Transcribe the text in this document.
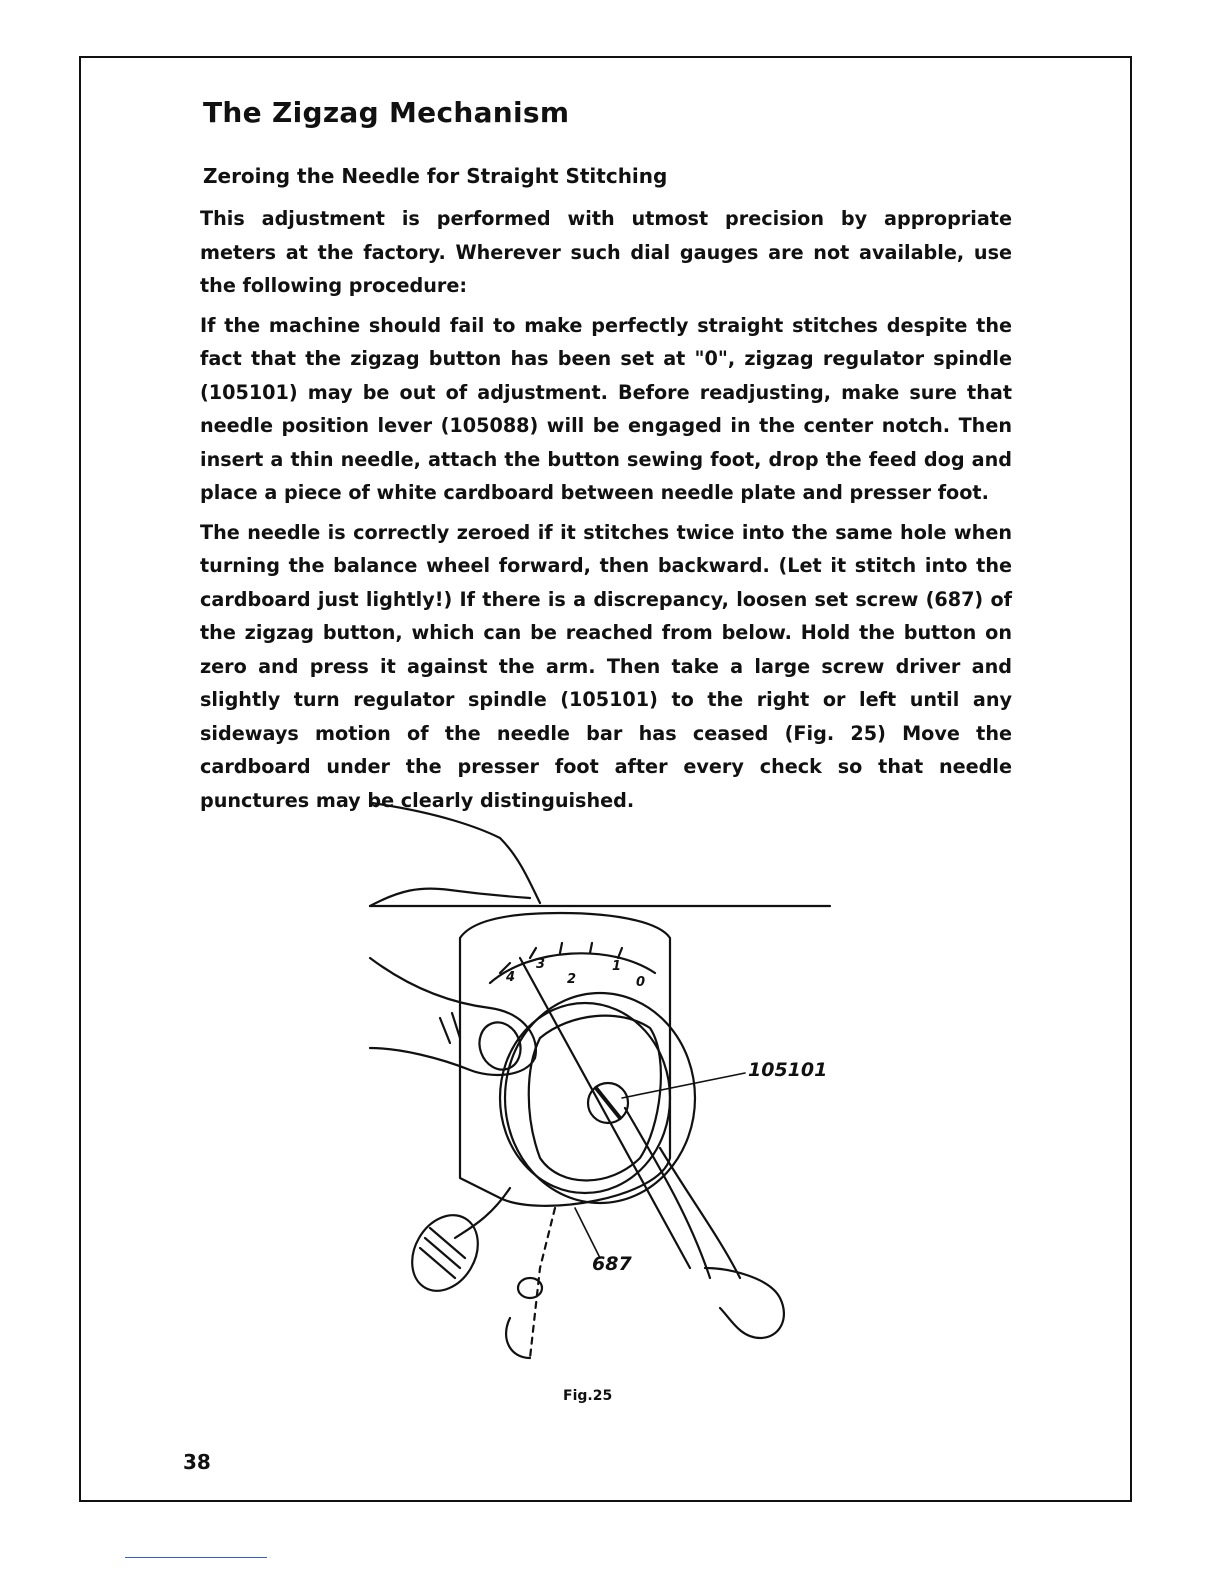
The Zigzag Mechanism
Zeroing the Needle for Straight Stitching

This adjustment is performed with utmost precision by appropriate meters at the factory. Wherever such dial gauges are not available, use the following procedure:

If the machine should fail to make perfectly straight stitches despite the fact that the zigzag button has been set at "0", zigzag regulator spindle (105101) may be out of adjustment. Before readjusting, make sure that needle position lever (105088) will be engaged in the center notch. Then insert a thin needle, attach the button sewing foot, drop the feed dog and place a piece of white cardboard between needle plate and presser foot.

The needle is correctly zeroed if it stitches twice into the same hole when turning the balance wheel forward, then backward. (Let it stitch into the cardboard just lightly!) If there is a discrepancy, loosen set screw (687) of the zigzag button, which can be reached from below. Hold the button on zero and press it against the arm. Then take a large screw driver and slightly turn regulator spindle (105101) to the right or left until any sideways motion of the needle bar has ceased (Fig. 25) Move the cardboard under the presser foot after every check so that needle punctures may be clearly distinguished.

4
3
2
1
0
105101
687
Fig.25
38
